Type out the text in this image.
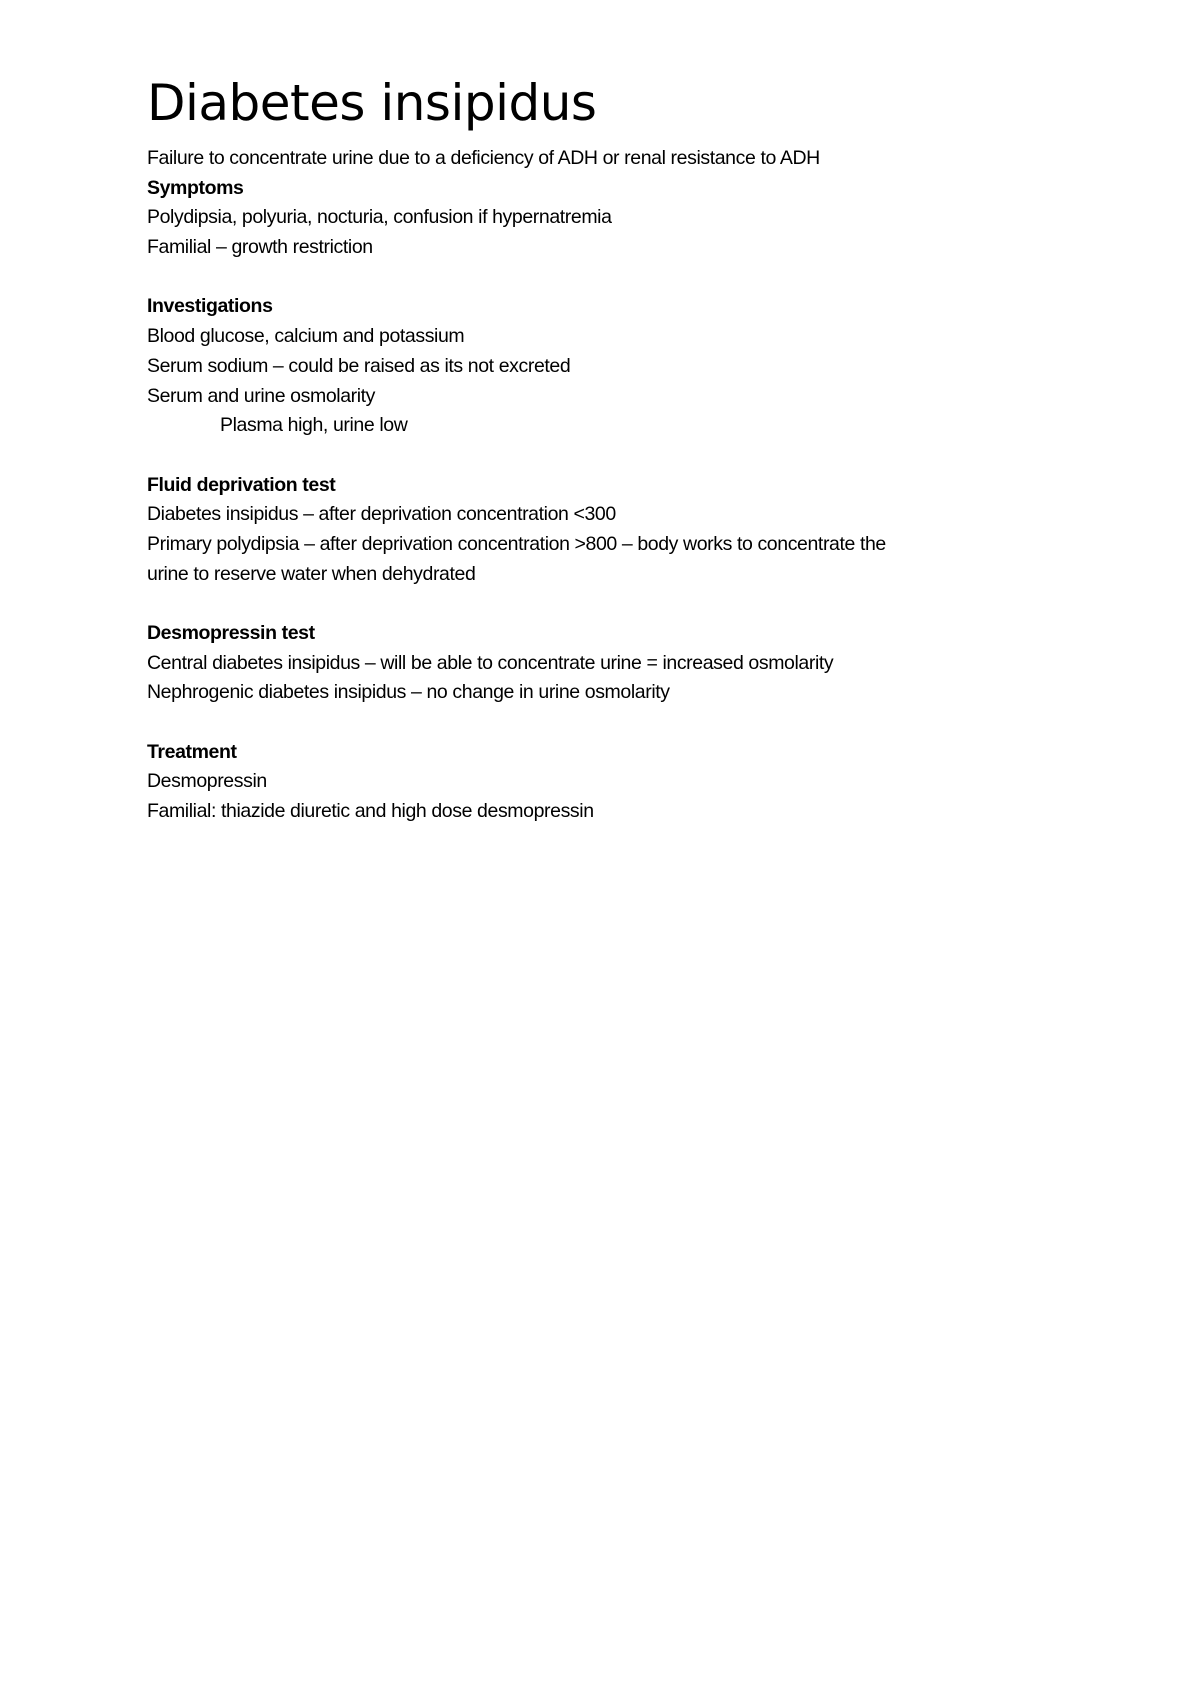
Diabetes insipidus
Failure to concentrate urine due to a deficiency of ADH or renal resistance to ADH
Symptoms
Polydipsia, polyuria, nocturia, confusion if hypernatremia
Familial – growth restriction
Investigations
Blood glucose, calcium and potassium
Serum sodium – could be raised as its not excreted
Serum and urine osmolarity
Plasma high, urine low
Fluid deprivation test
Diabetes insipidus – after deprivation concentration <300
Primary polydipsia – after deprivation concentration >800 – body works to concentrate the
urine to reserve water when dehydrated
Desmopressin test
Central diabetes insipidus – will be able to concentrate urine = increased osmolarity
Nephrogenic diabetes insipidus – no change in urine osmolarity
Treatment
Desmopressin
Familial: thiazide diuretic and high dose desmopressin
